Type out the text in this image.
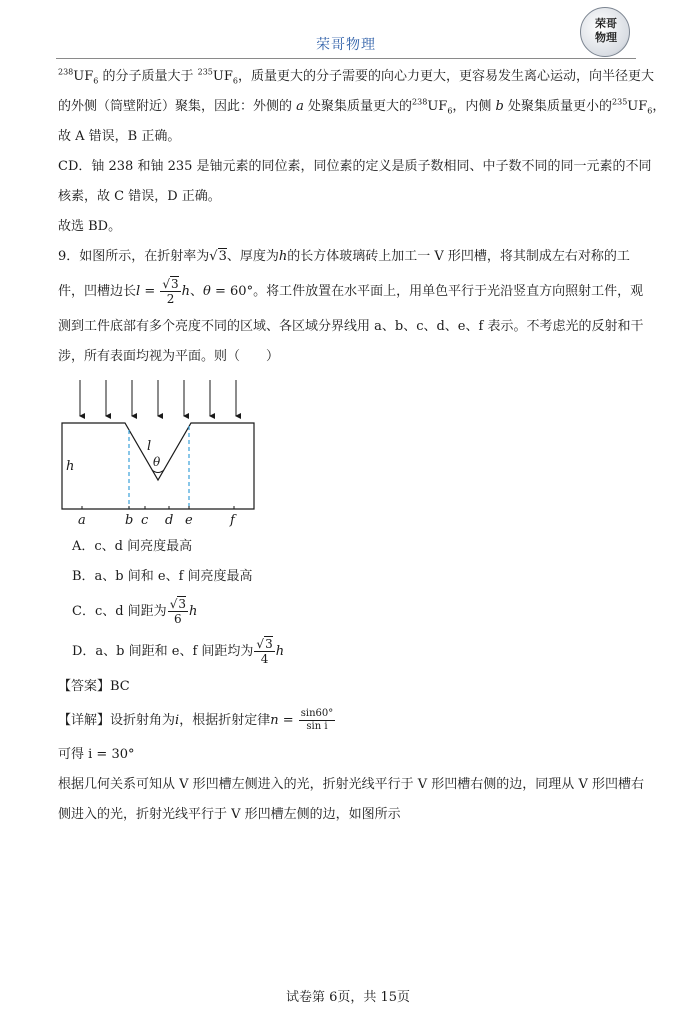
荣哥物理
荣哥物理
$^{238}UF_6$ 的分子质量大于 $^{235}UF_6$，质量更大的分子需要的向心力更大，更容易发生离心运动，向半径更大
的外侧（筒壁附近）聚集，因此：外侧的 a 处聚集质量更大的$^{238}UF_6$，内侧 b 处聚集质量更小的$^{235}UF_6$，
故 A 错误，B 正确。
CD．铀 238 和铀 235 是铀元素的同位素，同位素的定义是质子数相同、中子数不同的同一元素的不同
核素，故 C 错误，D 正确。
故选 BD。
9．如图所示，在折射率为√3、厚度为h的长方体玻璃砖上加工一 V 形凹槽，将其制成左右对称的工
件，凹槽边长$l = \frac{√3}{2}$ h、θ = 60°。将工件放置在水平面上，用单色平行于光沿竖直方向照射工件，观
测到工件底部有多个亮度不同的区域、各区域分界线用 a、b、c、d、e、f 表示。不考虑光的反射和干
涉，所有表面均视为平面。则（　　）
h
l
θ
a	b c d e	f
A．c、d 间亮度最高
B．a、b 间和 e、f 间亮度最高
C．c、d 间距为 $\frac{√3}{6}$ h
D．a、b 间距和 e、f 间距均为 $\frac{√3}{4}$ h
【答案】BC
【详解】设折射角为i，根据折射定律$n = \frac{\sin 60^\circ}{\text{sin i}}$
可得 i = 30°
根据几何关系可知从 V 形凹槽左侧进入的光，折射光线平行于 V 形凹槽右侧的边，同理从 V 形凹槽右
侧进入的光，折射光线平行于 V 形凹槽左侧的边，如图所示
试卷第 6页，共 15页
